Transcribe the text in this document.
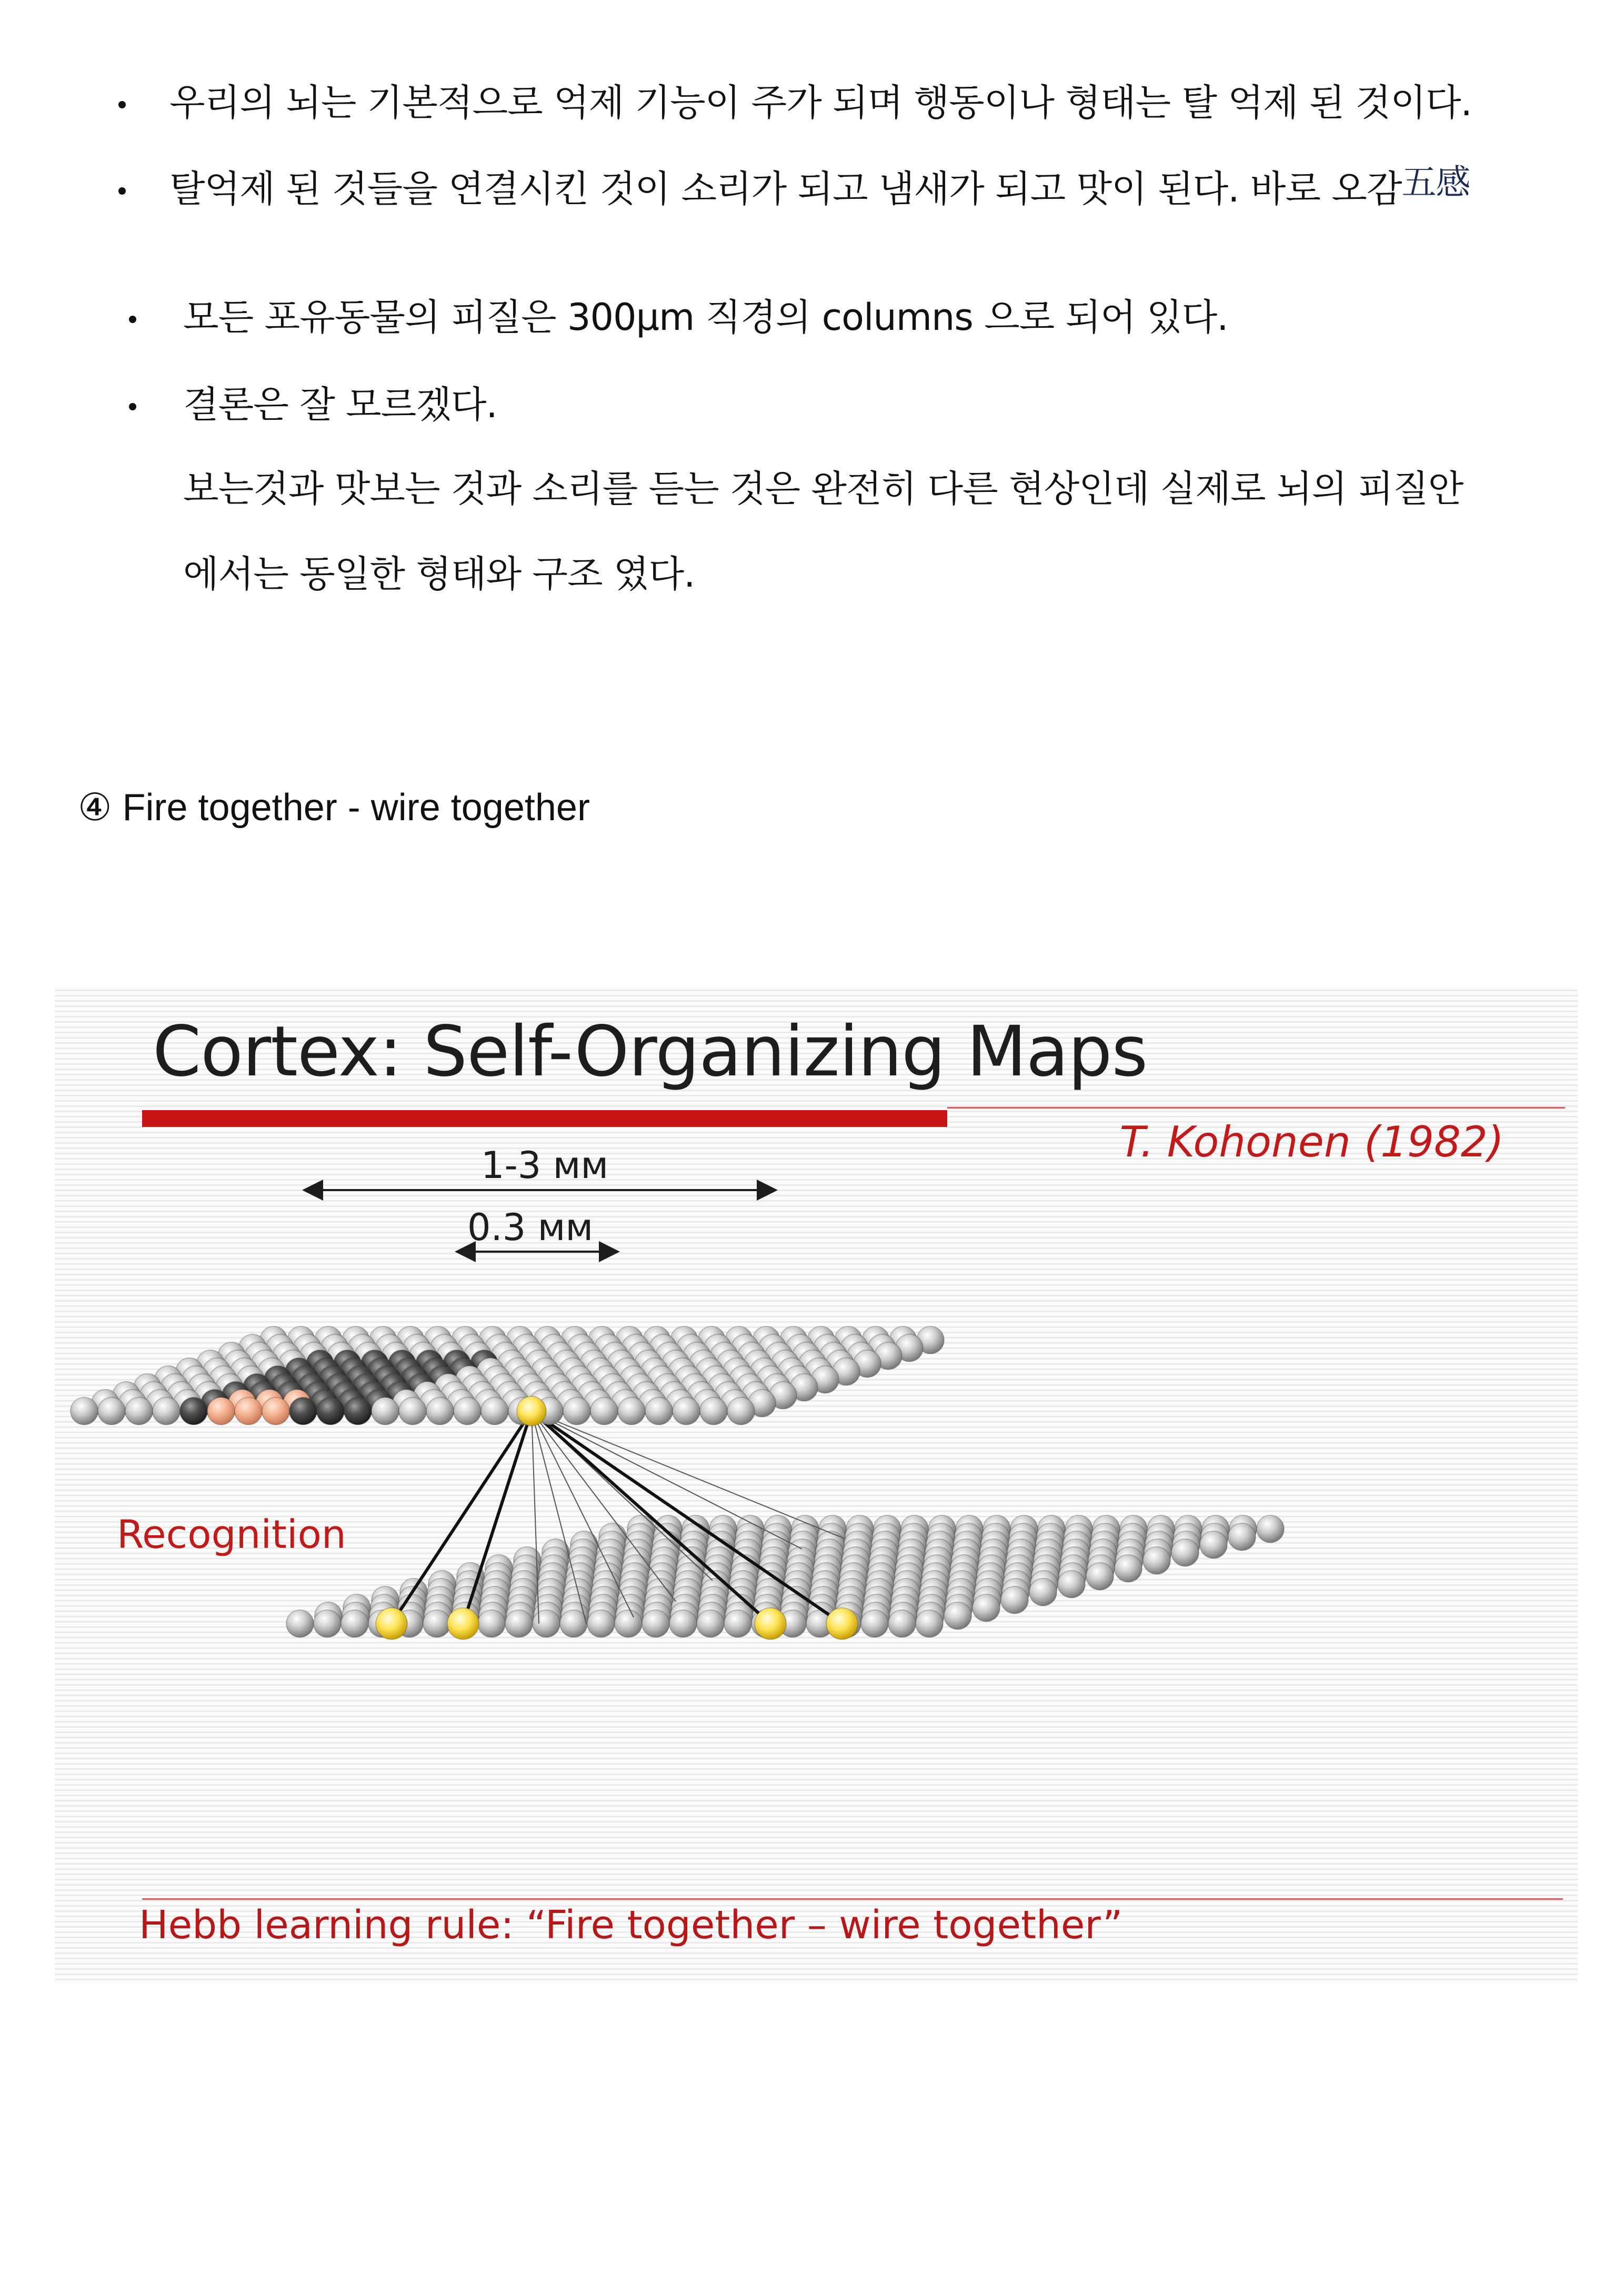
우리의 뇌는 기본적으로 억제 기능이 주가 되며 행동이나 형태는 탈 억제 된 것이다.
탈억제 된 것들을 연결시킨 것이 소리가 되고 냄새가 되고 맛이 된다. 바로 오감五感
모든 포유동물의 피질은 300μm 직경의 columns 으로 되어 있다.
결론은 잘 모르겠다.
보는것과 맛보는 것과 소리를 듣는 것은 완전히 다른 현상인데 실제로 뇌의 피질안
에서는 동일한 형태와 구조 였다.
④ Fire together - wire together
Cortex: Self-Organizing Maps
T. Kohonen (1982)
1-3 мм
0.3 мм
Recognition
Hebb learning rule: “Fire together – wire together”
